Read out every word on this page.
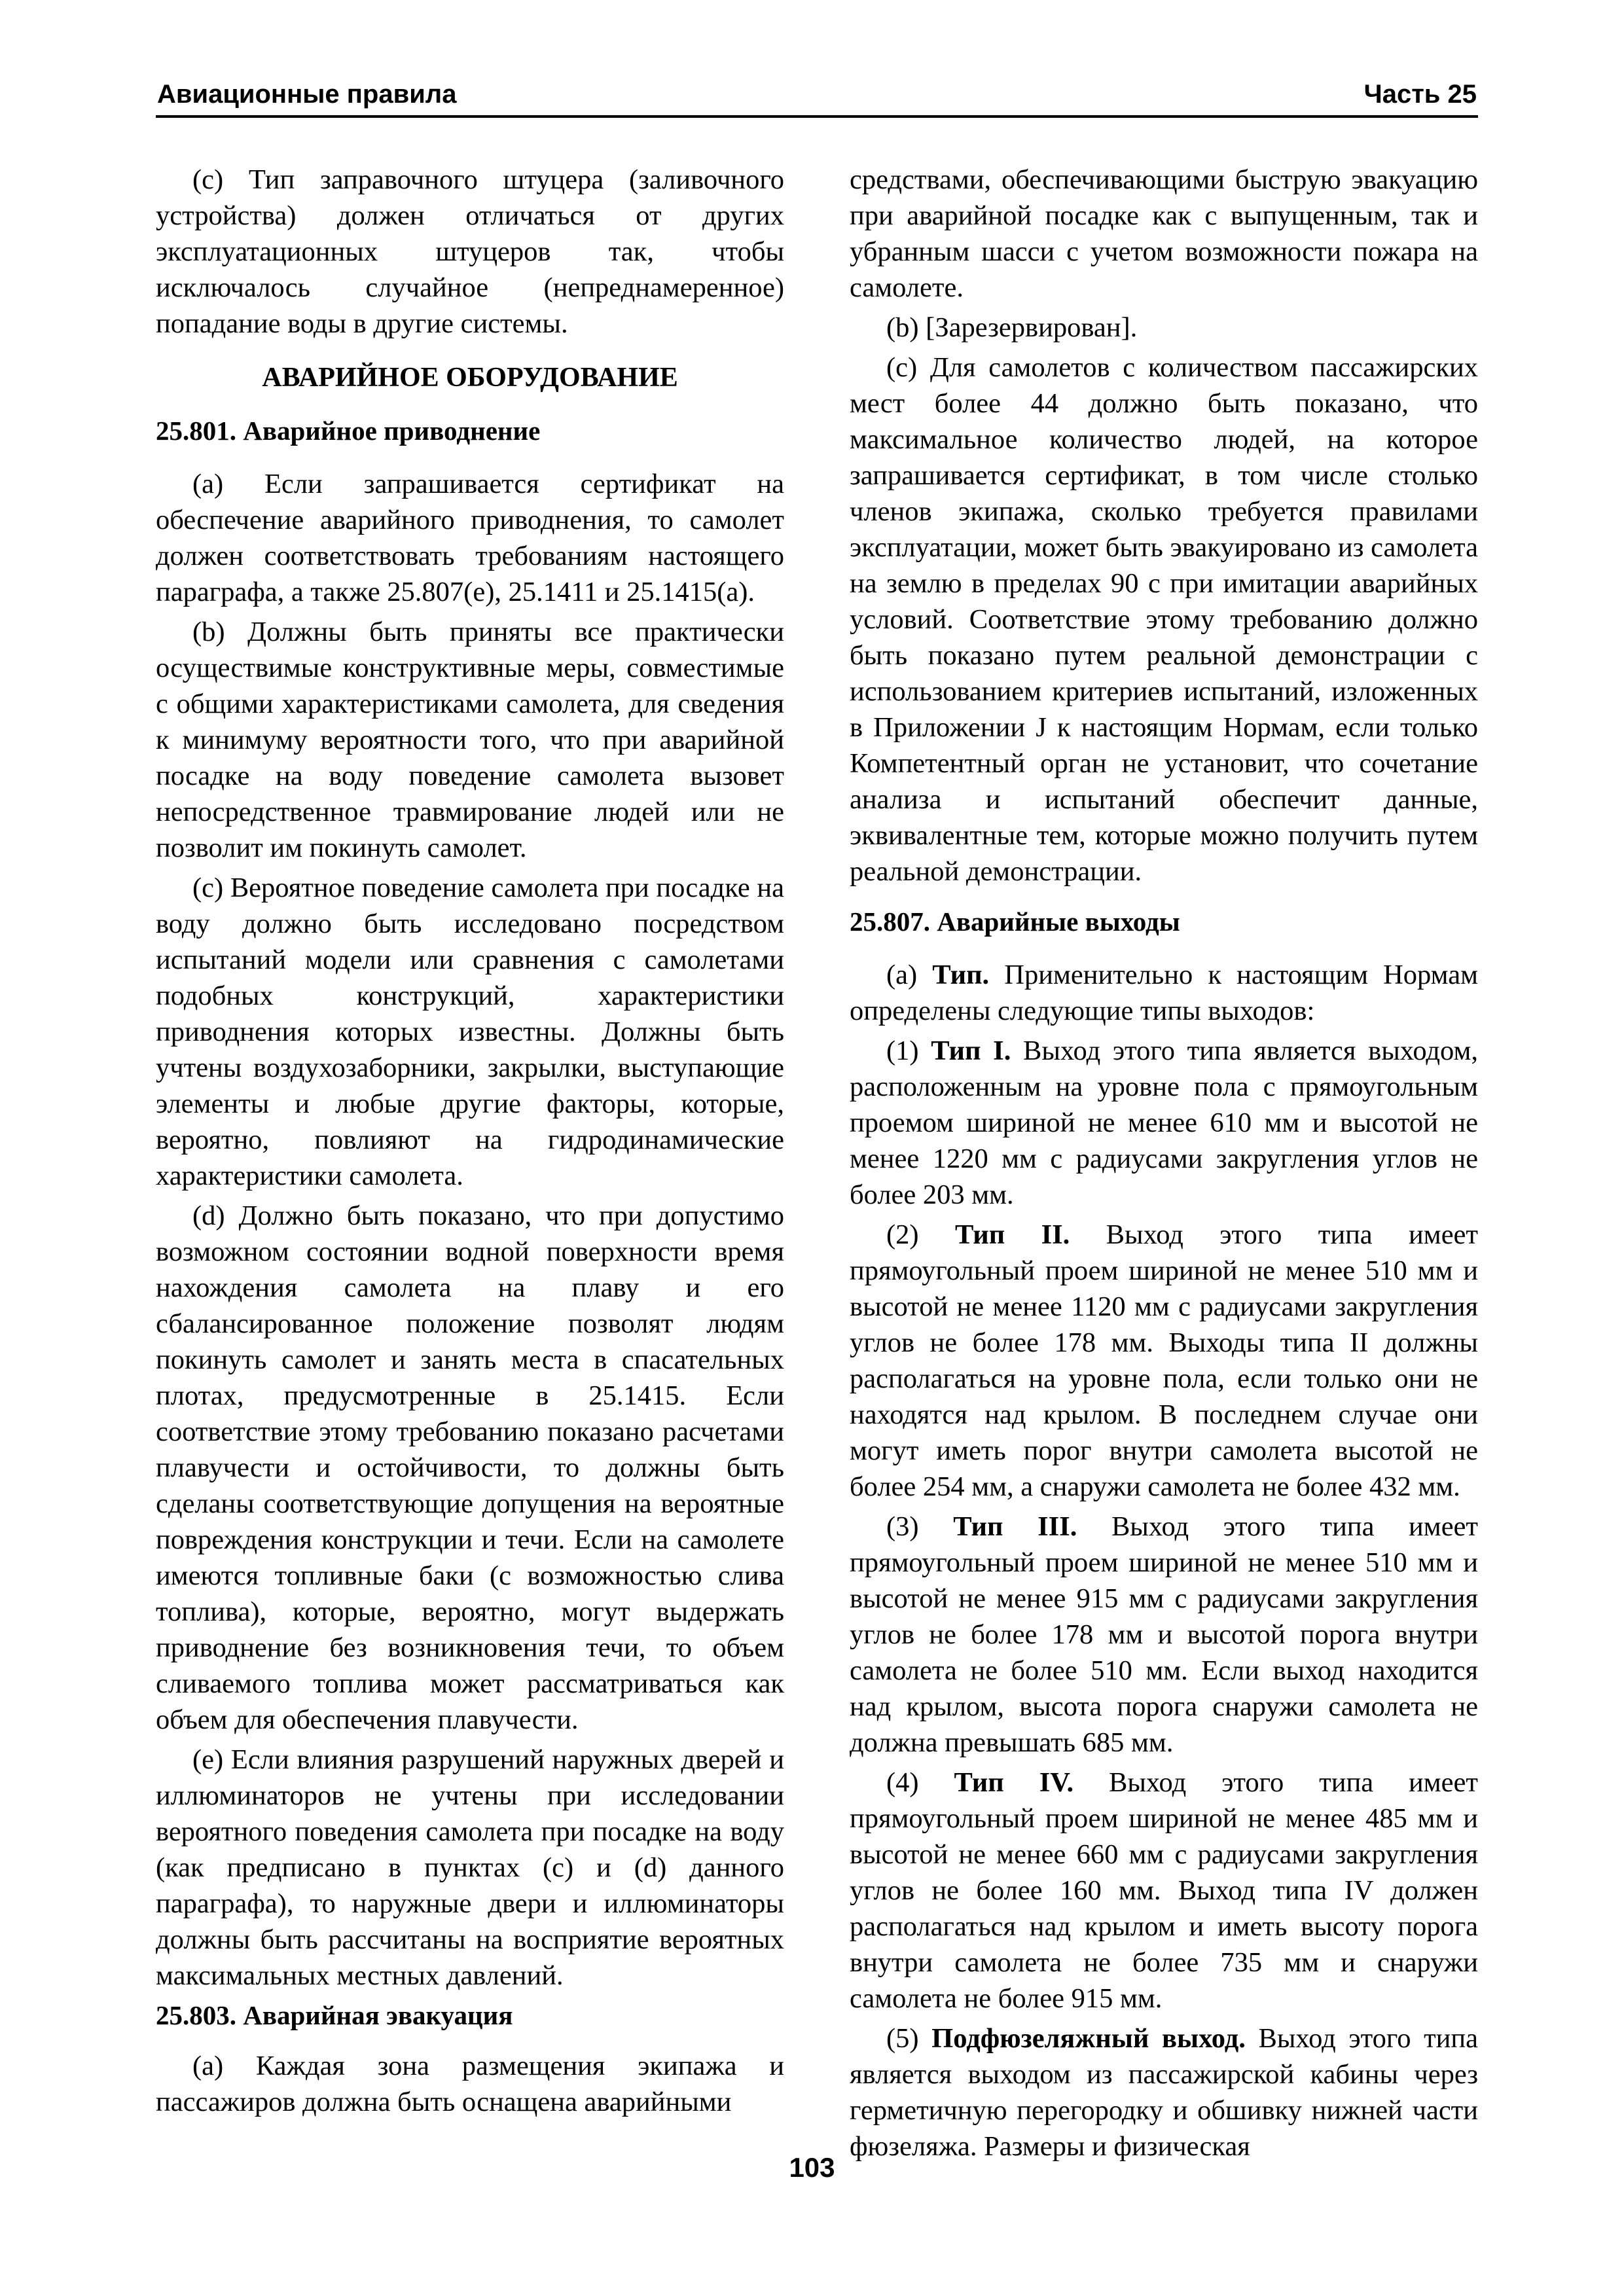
Авиационные правила	Часть 25

(c) Тип заправочного штуцера (заливочного устройства) должен отличаться от других эксплуатационных штуцеров так, чтобы исключалось случайное (непреднамеренное) попадание воды в другие системы.

АВАРИЙНОЕ ОБОРУДОВАНИЕ
25.801. Аварийное приводнение

(a) Если запрашивается сертификат на обеспечение аварийного приводнения, то самолет должен соответствовать требованиям настоящего параграфа, а также 25.807(e), 25.1411 и 25.1415(a).

(b) Должны быть приняты все практически осуществимые конструктивные меры, совместимые с общими характеристиками самолета, для сведения к минимуму вероятности того, что при аварийной посадке на воду поведение самолета вызовет непосредственное травмирование людей или не позволит им покинуть самолет.

(c) Вероятное поведение самолета при посадке на воду должно быть исследовано посредством испытаний модели или сравнения с самолетами подобных конструкций, характеристики приводнения которых известны. Должны быть учтены воздухозаборники, закрылки, выступающие элементы и любые другие факторы, которые, вероятно, повлияют на гидродинамические характеристики самолета.

(d) Должно быть показано, что при допустимо возможном состоянии водной поверхности время нахождения самолета на плаву и его сбалансированное положение позволят людям покинуть самолет и занять места в спасательных плотах, предусмотренные в 25.1415. Если соответствие этому требованию показано расчетами плавучести и остойчивости, то должны быть сделаны соответствующие допущения на вероятные повреждения конструкции и течи. Если на самолете имеются топливные баки (с возможностью слива топлива), которые, вероятно, могут выдержать приводнение без возникновения течи, то объем сливаемого топлива может рассматриваться как объем для обеспечения плавучести.

(e) Если влияния разрушений наружных дверей и иллюминаторов не учтены при исследовании вероятного поведения самолета при посадке на воду (как предписано в пунктах (c) и (d) данного параграфа), то наружные двери и иллюминаторы должны быть рассчитаны на восприятие вероятных максимальных местных давлений.

25.803. Аварийная эвакуация

(a) Каждая зона размещения экипажа и пассажиров должна быть оснащена аварийными

средствами, обеспечивающими быструю эвакуацию при аварийной посадке как с выпущенным, так и убранным шасси с учетом возможности пожара на самолете.

(b) [Зарезервирован].

(c) Для самолетов с количеством пассажирских мест более 44 должно быть показано, что максимальное количество людей, на которое запрашивается сертификат, в том числе столько членов экипажа, сколько требуется правилами эксплуатации, может быть эвакуировано из самолета на землю в пределах 90 с при имитации аварийных условий. Соответствие этому требованию должно быть показано путем реальной демонстрации с использованием критериев испытаний, изложенных в Приложении J к настоящим Нормам, если только Компетентный орган не установит, что сочетание анализа и испытаний обеспечит данные, эквивалентные тем, которые можно получить путем реальной демонстрации.

25.807. Аварийные выходы

(a) Тип. Применительно к настоящим Нормам определены следующие типы выходов:

(1) Тип I. Выход этого типа является выходом, расположенным на уровне пола с прямоугольным проемом шириной не менее 610 мм и высотой не менее 1220 мм с радиусами закругления углов не более 203 мм.

(2) Тип II. Выход этого типа имеет прямоугольный проем шириной не менее 510 мм и высотой не менее 1120 мм с радиусами закругления углов не более 178 мм. Выходы типа II должны располагаться на уровне пола, если только они не находятся над крылом. В последнем случае они могут иметь порог внутри самолета высотой не более 254 мм, а снаружи самолета не более 432 мм.

(3) Тип III. Выход этого типа имеет прямоугольный проем шириной не менее 510 мм и высотой не менее 915 мм с радиусами закругления углов не более 178 мм и высотой порога внутри самолета не более 510 мм. Если выход находится над крылом, высота порога снаружи самолета не должна превышать 685 мм.

(4) Тип IV. Выход этого типа имеет прямоугольный проем шириной не менее 485 мм и высотой не менее 660 мм с радиусами закругления углов не более 160 мм. Выход типа IV должен располагаться над крылом и иметь высоту порога внутри самолета не более 735 мм и снаружи самолета не более 915 мм.

(5) Подфюзеляжный выход. Выход этого типа является выходом из пассажирской кабины через герметичную перегородку и обшивку нижней части фюзеляжа. Размеры и физическая

103
